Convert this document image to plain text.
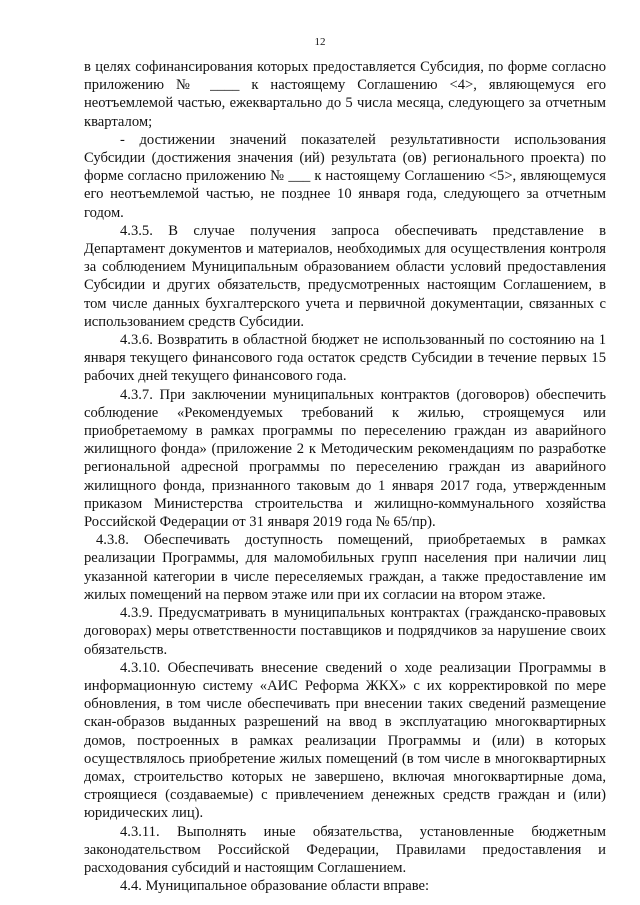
12

в целях софинансирования которых предоставляется Субсидия, по форме согласно приложению № ____ к настоящему Соглашению <4>, являющемуся его неотъемлемой частью, ежеквартально до 5 числа месяца, следующего за отчетным кварталом;

- достижении значений показателей результативности использования Субсидии (достижения значения (ий) результата (ов) регионального проекта) по форме согласно приложению № ___ к настоящему Соглашению <5>, являющемуся его неотъемлемой частью, не позднее 10 января года, следующего за отчетным годом.

4.3.5. В случае получения запроса обеспечивать представление в Департамент документов и материалов, необходимых для осуществления контроля за соблюдением Муниципальным образованием области условий предоставления Субсидии и других обязательств, предусмотренных настоящим Соглашением, в том числе данных бухгалтерского учета и первичной документации, связанных с использованием средств Субсидии.

4.3.6. Возвратить в областной бюджет не использованный по состоянию на 1 января текущего финансового года остаток средств Субсидии в течение первых 15 рабочих дней текущего финансового года.

4.3.7. При заключении муниципальных контрактов (договоров) обеспечить соблюдение «Рекомендуемых требований к жилью, строящемуся или приобретаемому в рамках программы по переселению граждан из аварийного жилищного фонда» (приложение 2 к Методическим рекомендациям по разработке региональной адресной программы по переселению граждан из аварийного жилищного фонда, признанного таковым до 1 января 2017 года, утвержденным приказом Министерства строительства и жилищно-коммунального хозяйства Российской Федерации от 31 января 2019 года № 65/пр).

4.3.8. Обеспечивать доступность помещений, приобретаемых в рамках реализации Программы, для маломобильных групп населения при наличии лиц указанной категории в числе переселяемых граждан, а также предоставление им жилых помещений на первом этаже или при их согласии на втором этаже.

4.3.9. Предусматривать в муниципальных контрактах (гражданско-правовых договорах) меры ответственности поставщиков и подрядчиков за нарушение своих обязательств.

4.3.10. Обеспечивать внесение сведений о ходе реализации Программы в информационную систему «АИС Реформа ЖКХ» с их корректировкой по мере обновления, в том числе обеспечивать при внесении таких сведений размещение скан-образов выданных разрешений на ввод в эксплуатацию многоквартирных домов, построенных в рамках реализации Программы и (или) в которых осуществлялось приобретение жилых помещений (в том числе в многоквартирных домах, строительство которых не завершено, включая многоквартирные дома, строящиеся (создаваемые) с привлечением денежных средств граждан и (или) юридических лиц).

4.3.11. Выполнять иные обязательства, установленные бюджетным законодательством Российской Федерации, Правилами предоставления и расходования субсидий и настоящим Соглашением.

4.4. Муниципальное образование области вправе:
